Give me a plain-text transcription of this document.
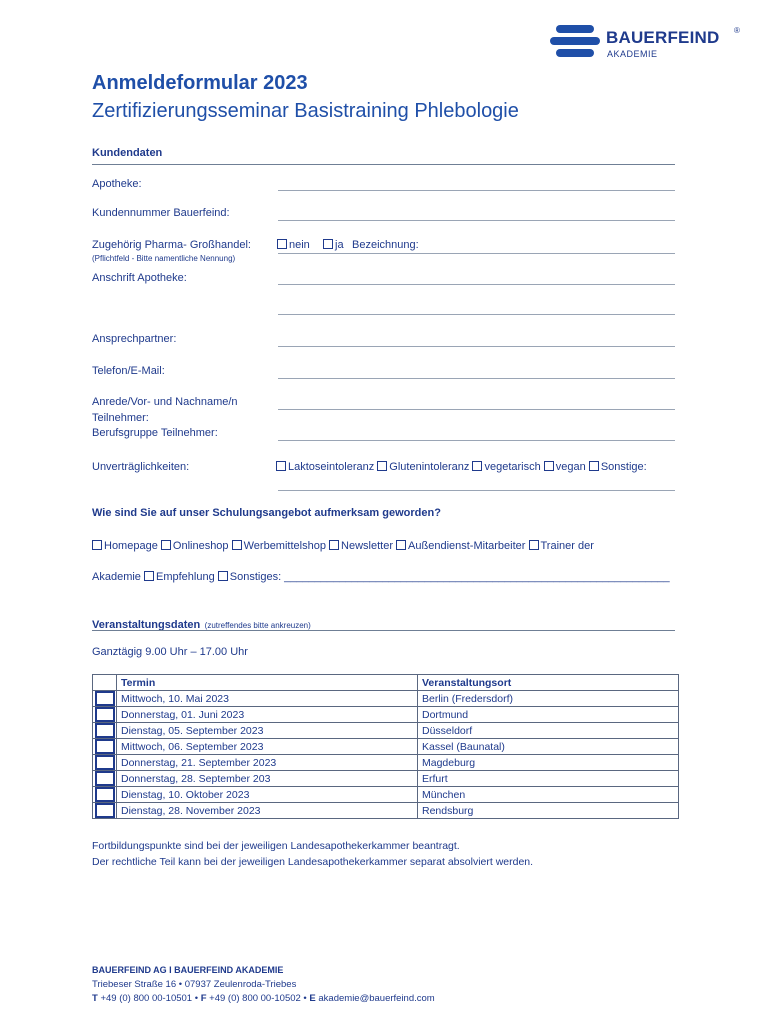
BAUERFEIND ®
AKADEMIE
Anmeldeformular 2023
Zertifizierungsseminar Basistraining Phlebologie
Kundendaten
Apotheke:
Kundennummer Bauerfeind:
Zugehörig Pharma- Großhandel:
(Pflichtfeld - Bitte namentliche Nennung)
nein	ja Bezeichnung:
Anschrift Apotheke:
Ansprechpartner:
Telefon/E-Mail:
Anrede/Vor- und Nachname/n
Teilnehmer:
Berufsgruppe Teilnehmer:
Unverträglichkeiten:	Laktoseintoleranz Glutenintoleranz vegetarisch vegan Sonstige:
Wie sind Sie auf unser Schulungsangebot aufmerksam geworden?
Homepage Onlineshop Werbemittelshop Newsletter Außendienst-Mitarbeiter Trainer der
Akademie Empfehlung Sonstiges: _______________________________________________________________
Veranstaltungsdaten (zutreffendes bitte ankreuzen)
Ganztägig 9.00 Uhr – 17.00 Uhr
	Termin	Veranstaltungsort

	Mittwoch, 10. Mai 2023	Berlin (Fredersdorf)

	Donnerstag, 01. Juni 2023	Dortmund

	Dienstag, 05. September 2023	Düsseldorf

	Mittwoch, 06. September 2023	Kassel (Baunatal)

	Donnerstag, 21. September 2023	Magdeburg

	Donnerstag, 28. September 203	Erfurt

	Dienstag, 10. Oktober 2023	München

	Dienstag, 28. November 2023	Rendsburg
Fortbildungspunkte sind bei der jeweiligen Landesapothekerkammer beantragt.
Der rechtliche Teil kann bei der jeweiligen Landesapothekerkammer separat absolviert werden.
BAUERFEIND AG I BAUERFEIND AKADEMIE
Triebeser Straße 16 • 07937 Zeulenroda-Triebes
T +49 (0) 800 00-10501 • F +49 (0) 800 00-10502 • E akademie@bauerfeind.com
